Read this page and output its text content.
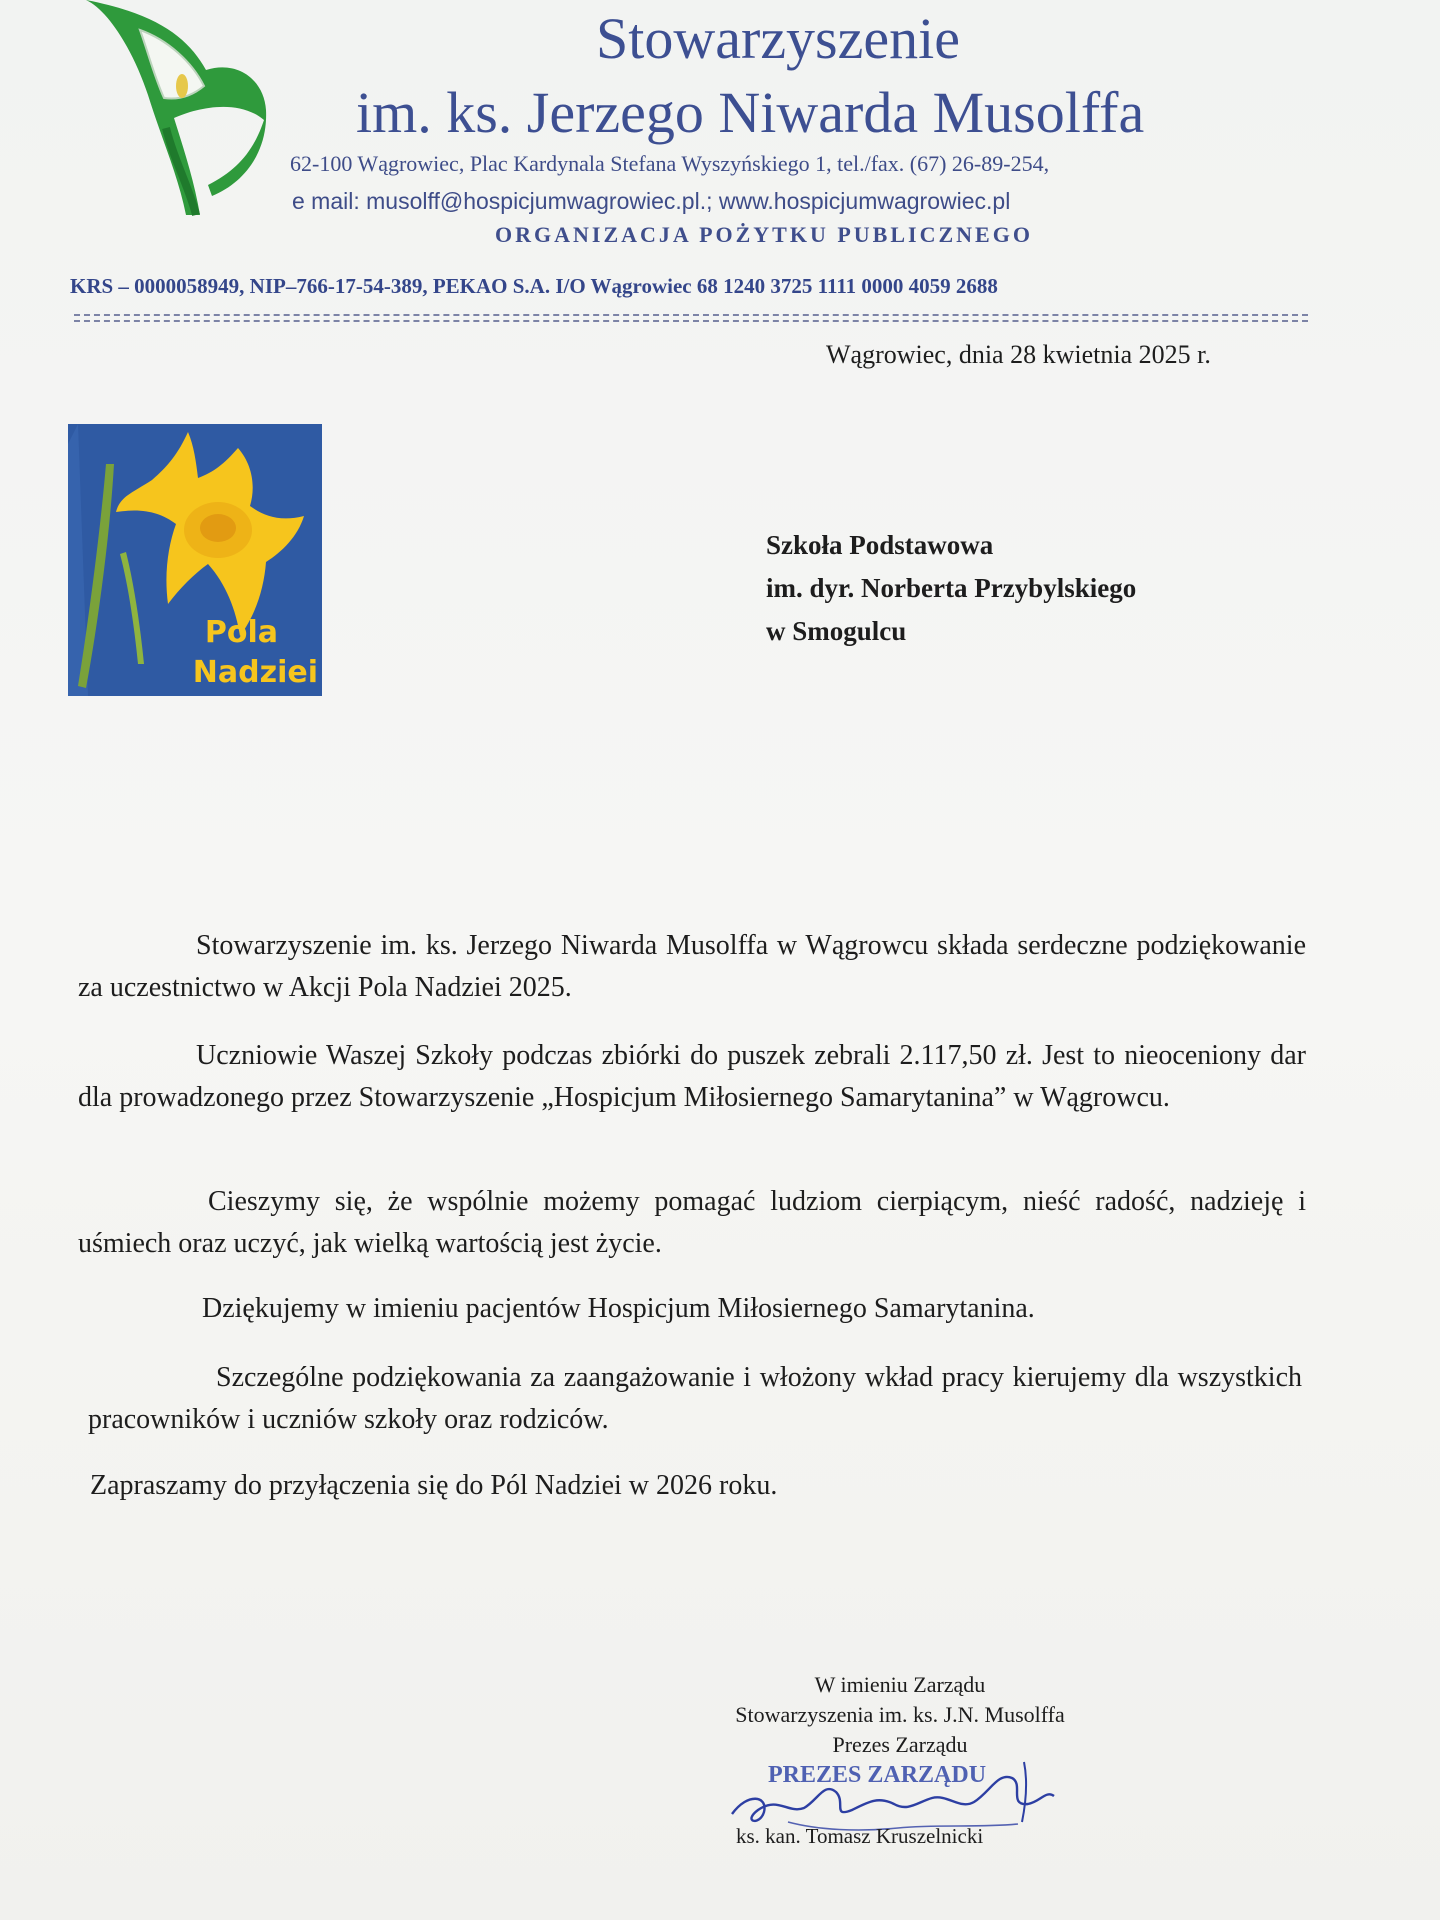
Stowarzyszenie
im. ks. Jerzego Niwarda Musolffa
62-100 Wągrowiec, Plac Kardynala Stefana Wyszyńskiego 1, tel./fax. (67) 26-89-254,
e mail: musolff@hospicjumwagrowiec.pl.; www.hospicjumwagrowiec.pl
ORGANIZACJA POŻYTKU PUBLICZNEGO
KRS – 0000058949, NIP–766-17-54-389, PEKAO S.A. I/O Wągrowiec 68 1240 3725 1111 0000 4059 2688
Wągrowiec, dnia 28 kwietnia 2025 r.
Pola
Nadziei
Szkoła Podstawowa
im. dyr. Norberta Przybylskiego
w Smogulcu
Stowarzyszenie im. ks. Jerzego Niwarda Musolffa w Wągrowcu składa serdeczne podziękowanie za uczestnictwo w Akcji Pola Nadziei 2025.
Uczniowie Waszej Szkoły podczas zbiórki do puszek zebrali 2.117,50 zł. Jest to nieoceniony dar dla prowadzonego przez Stowarzyszenie „Hospicjum Miłosiernego Samarytanina” w Wągrowcu.
Cieszymy się, że wspólnie możemy pomagać ludziom cierpiącym, nieść radość, nadzieję i uśmiech oraz uczyć, jak wielką wartością jest życie.
Dziękujemy w imieniu pacjentów Hospicjum Miłosiernego Samarytanina.
Szczególne podziękowania za zaangażowanie i włożony wkład pracy kierujemy dla wszystkich pracowników i uczniów szkoły oraz rodziców.
Zapraszamy do przyłączenia się do Pól Nadziei w 2026 roku.
W imieniu Zarządu
Stowarzyszenia im. ks. J.N. Musolffa
Prezes Zarządu
PREZES ZARZĄDU
ks. kan. Tomasz Kruszelnicki
